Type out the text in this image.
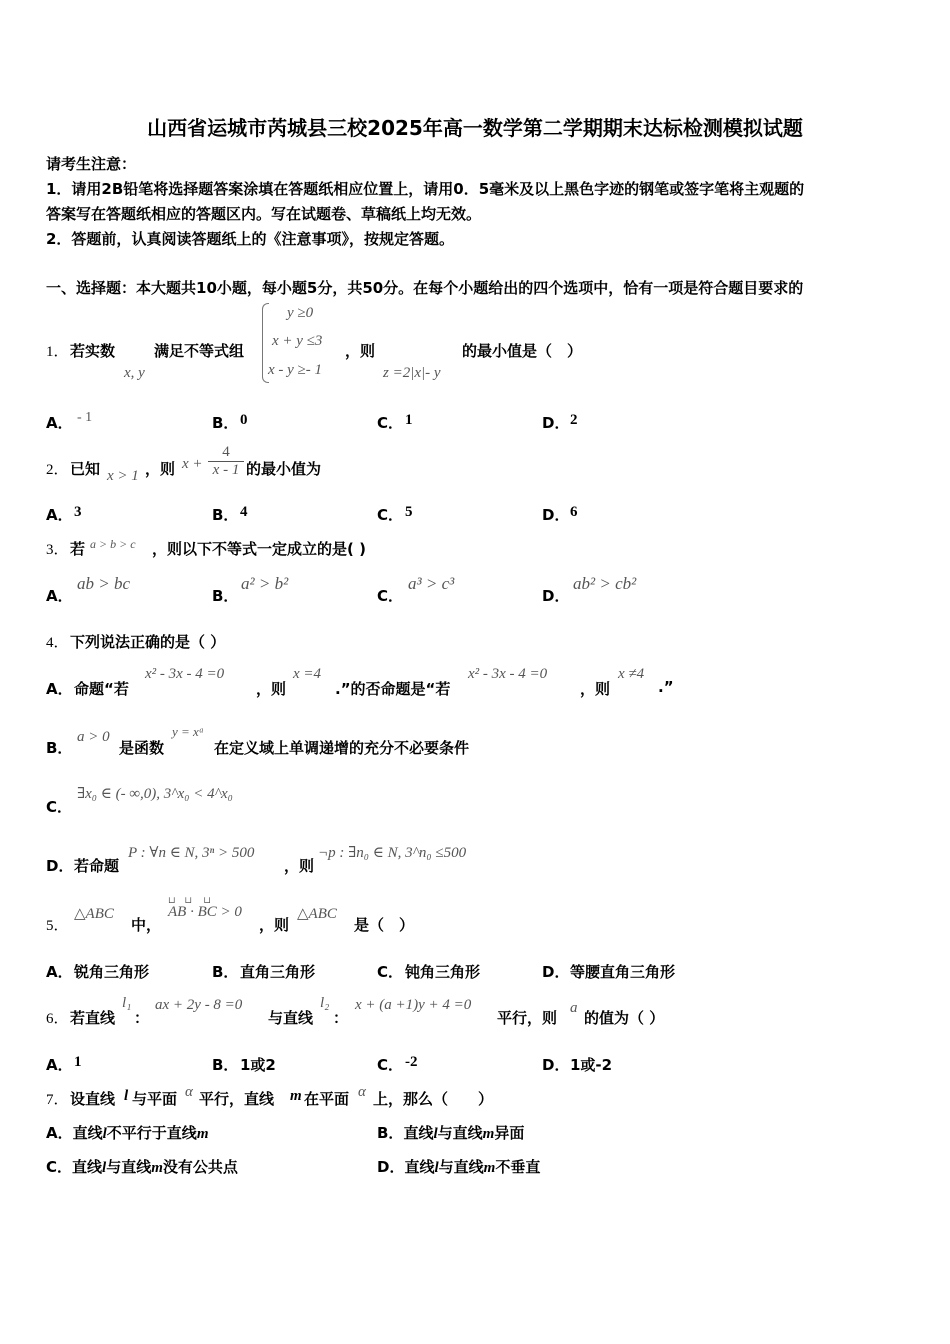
山西省运城市芮城县三校2025年高一数学第二学期期末达标检测模拟试题
请考生注意：
1．请用2B铅笔将选择题答案涂填在答题纸相应位置上，请用0．5毫米及以上黑色字迹的钢笔或签字笔将主观题的
答案写在答题纸相应的答题区内。写在试题卷、草稿纸上均无效。
2．答题前，认真阅读答题纸上的《注意事项》，按规定答题。
一、选择题：本大题共10小题，每小题5分，共50分。在每个小题给出的四个选项中，恰有一项是符合题目要求的
1． 若实数
x, y
满足不等式组
y ≥0
x + y ≤3
x - y ≥- 1
，则
z =2|x|- y
的最小值是（　）
A． - 1	B． 0	C． 1	D． 2
2． 已知 x > 1 ，则 $x + \frac{4}{x - 1}$ 的最小值为
A． 3	B． 4	C． 5	D． 6
3． 若 a > b > c ，则以下不等式一定成立的是( )
A．
ab > bc
B．
a² > b²
C．
a³ > c³
D．
ab² > cb²
4． 下列说法正确的是（ ）
A． 命题“若
x² - 3x - 4 =0
，则
x =4
.”的否命题是“若
x² - 3x - 4 =0
，则
x ≠4
.”
B．
a > 0
是函数
y = xᵃ
在定义域上单调递增的充分不必要条件
C．
∃x₀ ∈ (- ∞,0), 3^x₀ < 4^x₀
D． 若命题
P : ∀n ∈ N, 3ⁿ > 500
，则
¬p : ∃n₀ ∈ N, 3^n₀ ≤500
5．
△ABC
中，
AB · BC > 0
⊔　⊔　 ⊔
，则
△ABC
是（　）
A． 锐角三角形	B． 直角三角形	C． 钝角三角形	D． 等腰直角三角形
6． 若直线
l₁
：
ax + 2y - 8 =0
与直线
l₂
：
x + (a +1)y + 4 =0
平行，则
a
的值为（ ）
A． 1	B． 1或2	C． -2	D． 1或-2
7． 设直线 l 与平面 α 平行，直线 m 在平面 α 上，那么（　　）
A．直线l不平行于直线m	B．直线l与直线m异面
C．直线l与直线m没有公共点	D．直线l与直线m不垂直
